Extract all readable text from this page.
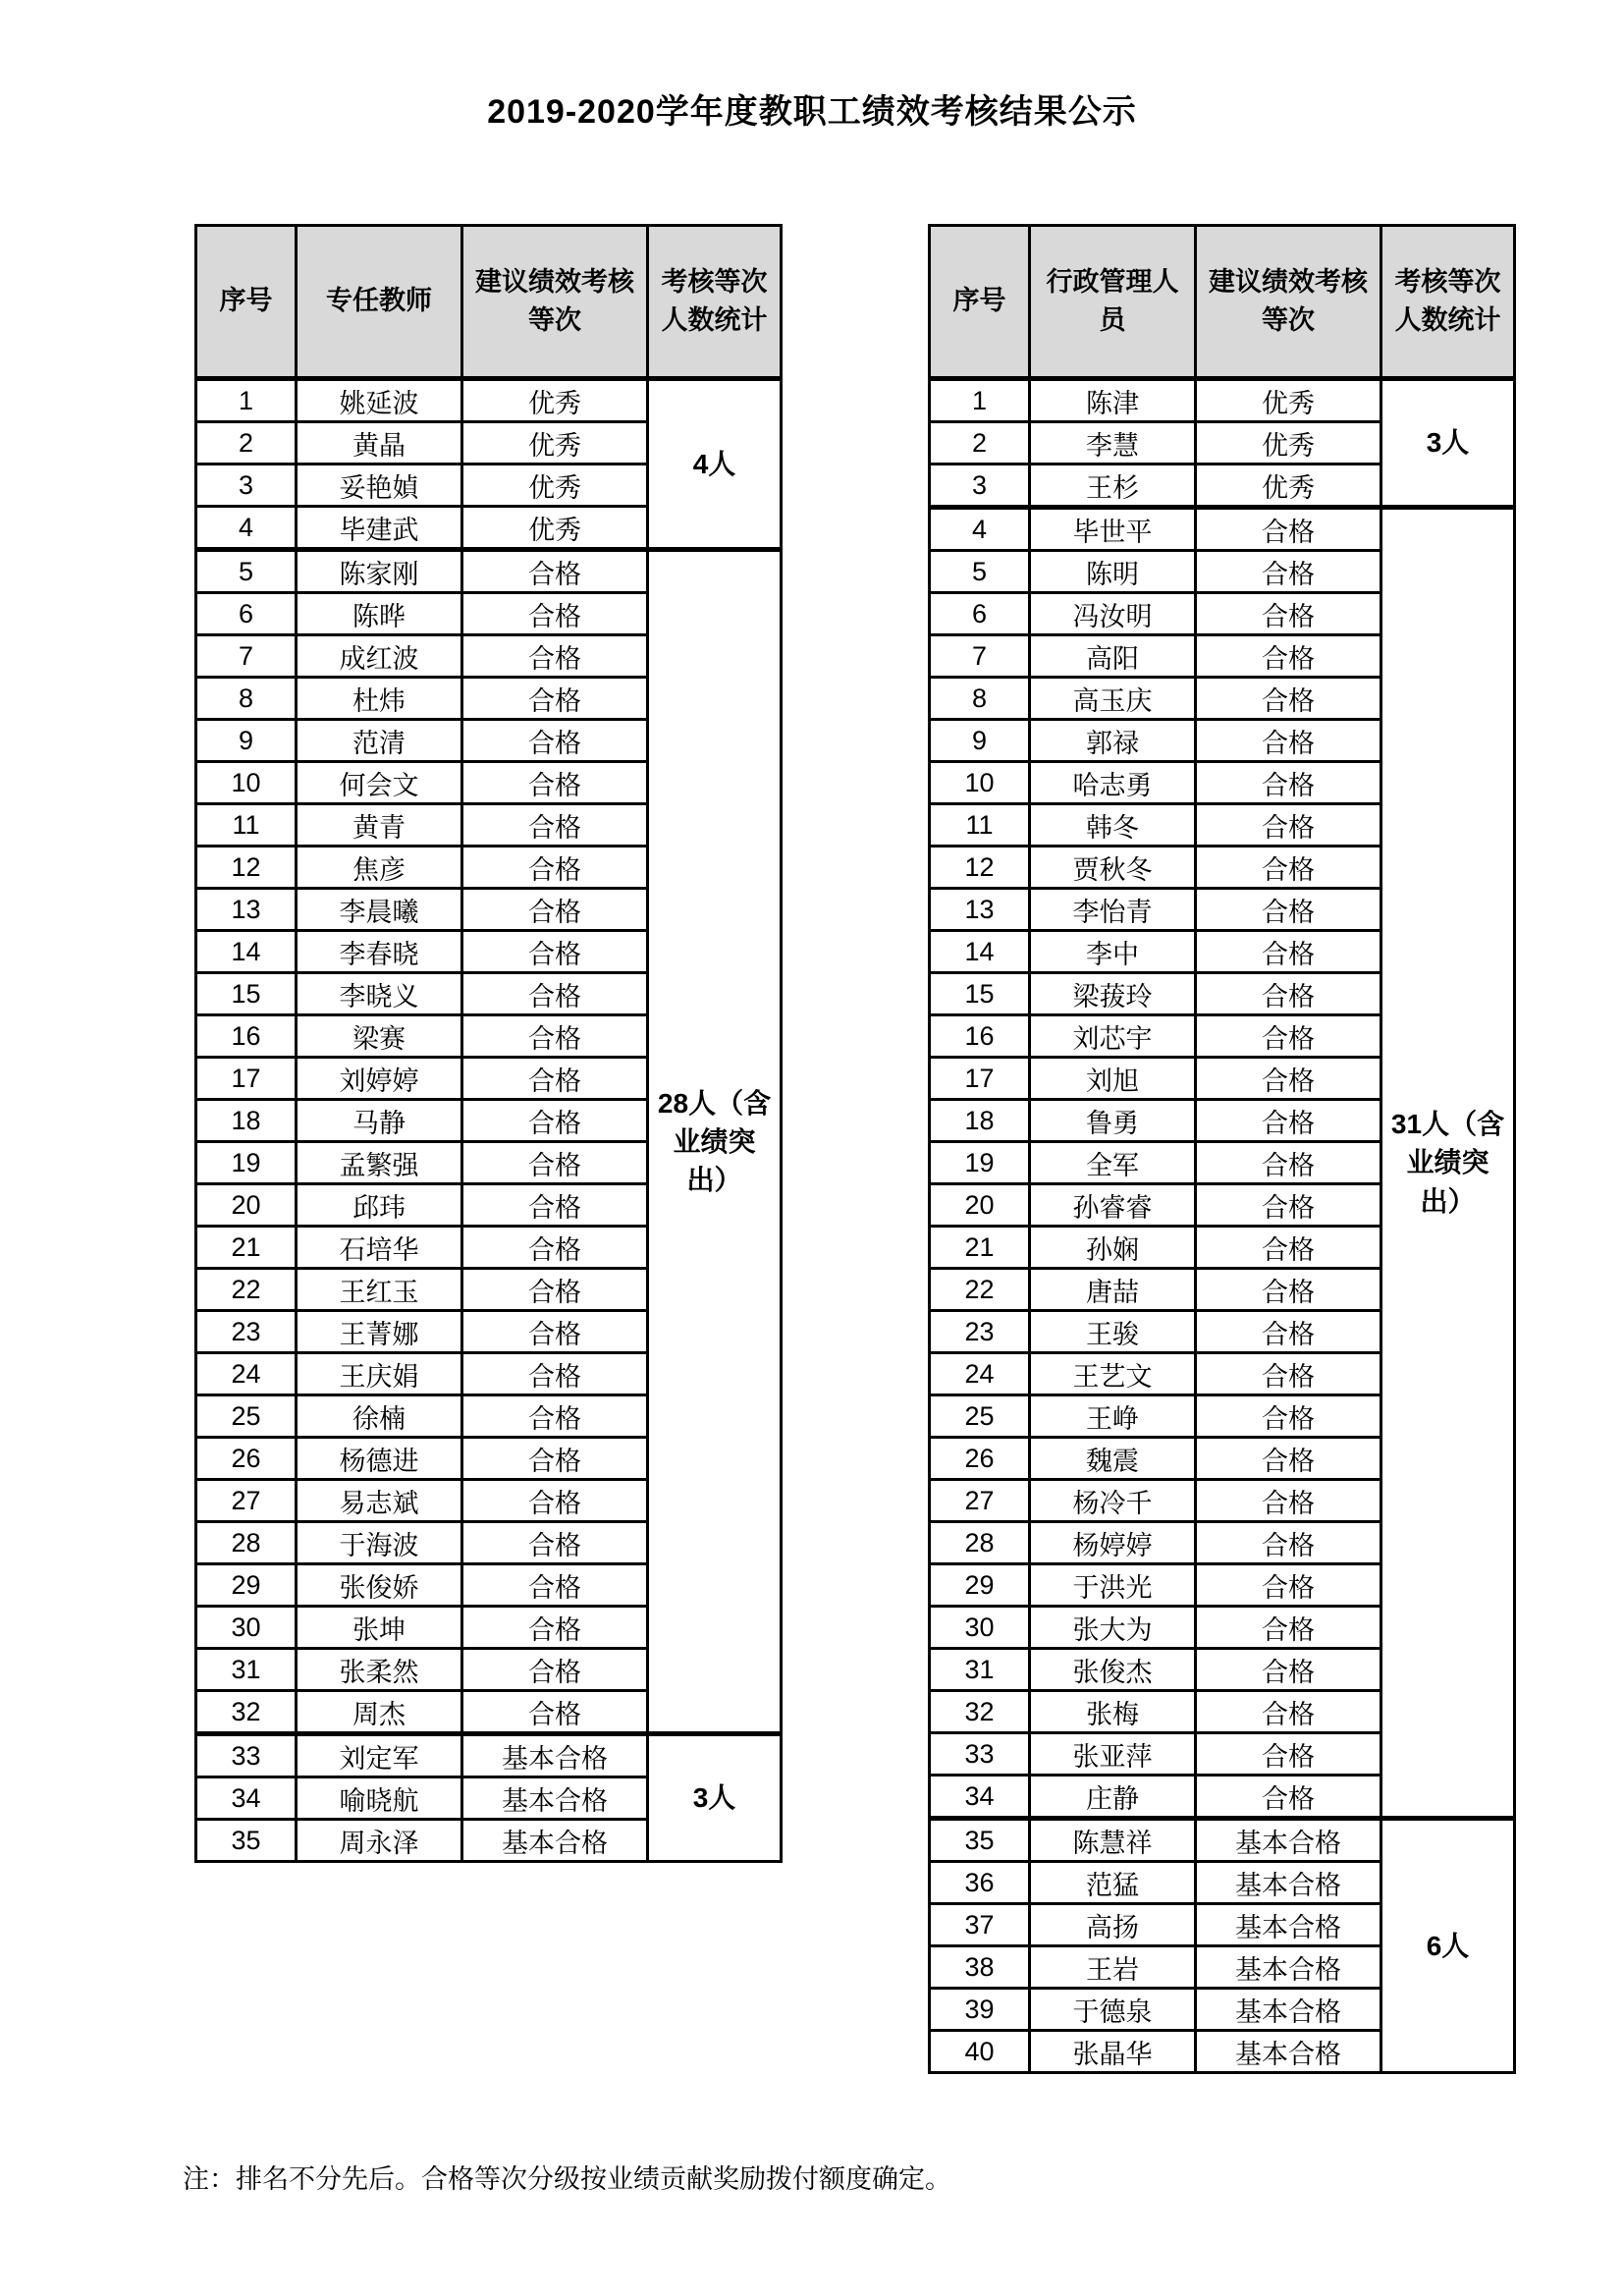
2019-2020学年度教职工绩效考核结果公示
序号	专任教师	建议绩效考核等次	考核等次人数统计
1	姚延波	优秀	4人
2	黄晶	优秀	
3	妥艳媜	优秀	
4	毕建武	优秀	
5	陈家刚	合格	28人（含业绩突出）
6	陈晔	合格	
7	成红波	合格	
8	杜炜	合格	
9	范清	合格	
10	何会文	合格	
11	黄青	合格	
12	焦彦	合格	
13	李晨曦	合格	
14	李春晓	合格	
15	李晓义	合格	
16	梁赛	合格	
17	刘婷婷	合格	
18	马静	合格	
19	孟繁强	合格	
20	邱玮	合格	
21	石培华	合格	
22	王红玉	合格	
23	王菁娜	合格	
24	王庆娟	合格	
25	徐楠	合格	
26	杨德进	合格	
27	易志斌	合格	
28	于海波	合格	
29	张俊娇	合格	
30	张坤	合格	
31	张柔然	合格	
32	周杰	合格	
33	刘定军	基本合格	3人
34	喻晓航	基本合格	
35	周永泽	基本合格	
序号	行政管理人员	建议绩效考核等次	考核等次人数统计
1	陈津	优秀	3人
2	李慧	优秀	
3	王杉	优秀	
4	毕世平	合格	31人（含业绩突出）
5	陈明	合格	
6	冯汝明	合格	
7	高阳	合格	
8	高玉庆	合格	
9	郭禄	合格	
10	哈志勇	合格	
11	韩冬	合格	
12	贾秋冬	合格	
13	李怡青	合格	
14	李中	合格	
15	梁菝玲	合格	
16	刘芯宇	合格	
17	刘旭	合格	
18	鲁勇	合格	
19	全军	合格	
20	孙睿睿	合格	
21	孙娴	合格	
22	唐喆	合格	
23	王骏	合格	
24	王艺文	合格	
25	王峥	合格	
26	魏震	合格	
27	杨冷千	合格	
28	杨婷婷	合格	
29	于洪光	合格	
30	张大为	合格	
31	张俊杰	合格	
32	张梅	合格	
33	张亚萍	合格	
34	庄静	合格	
35	陈慧祥	基本合格	6人
36	范猛	基本合格	
37	高扬	基本合格	
38	王岩	基本合格	
39	于德泉	基本合格	
40	张晶华	基本合格	

注：排名不分先后。合格等次分级按业绩贡献奖励拨付额度确定。
